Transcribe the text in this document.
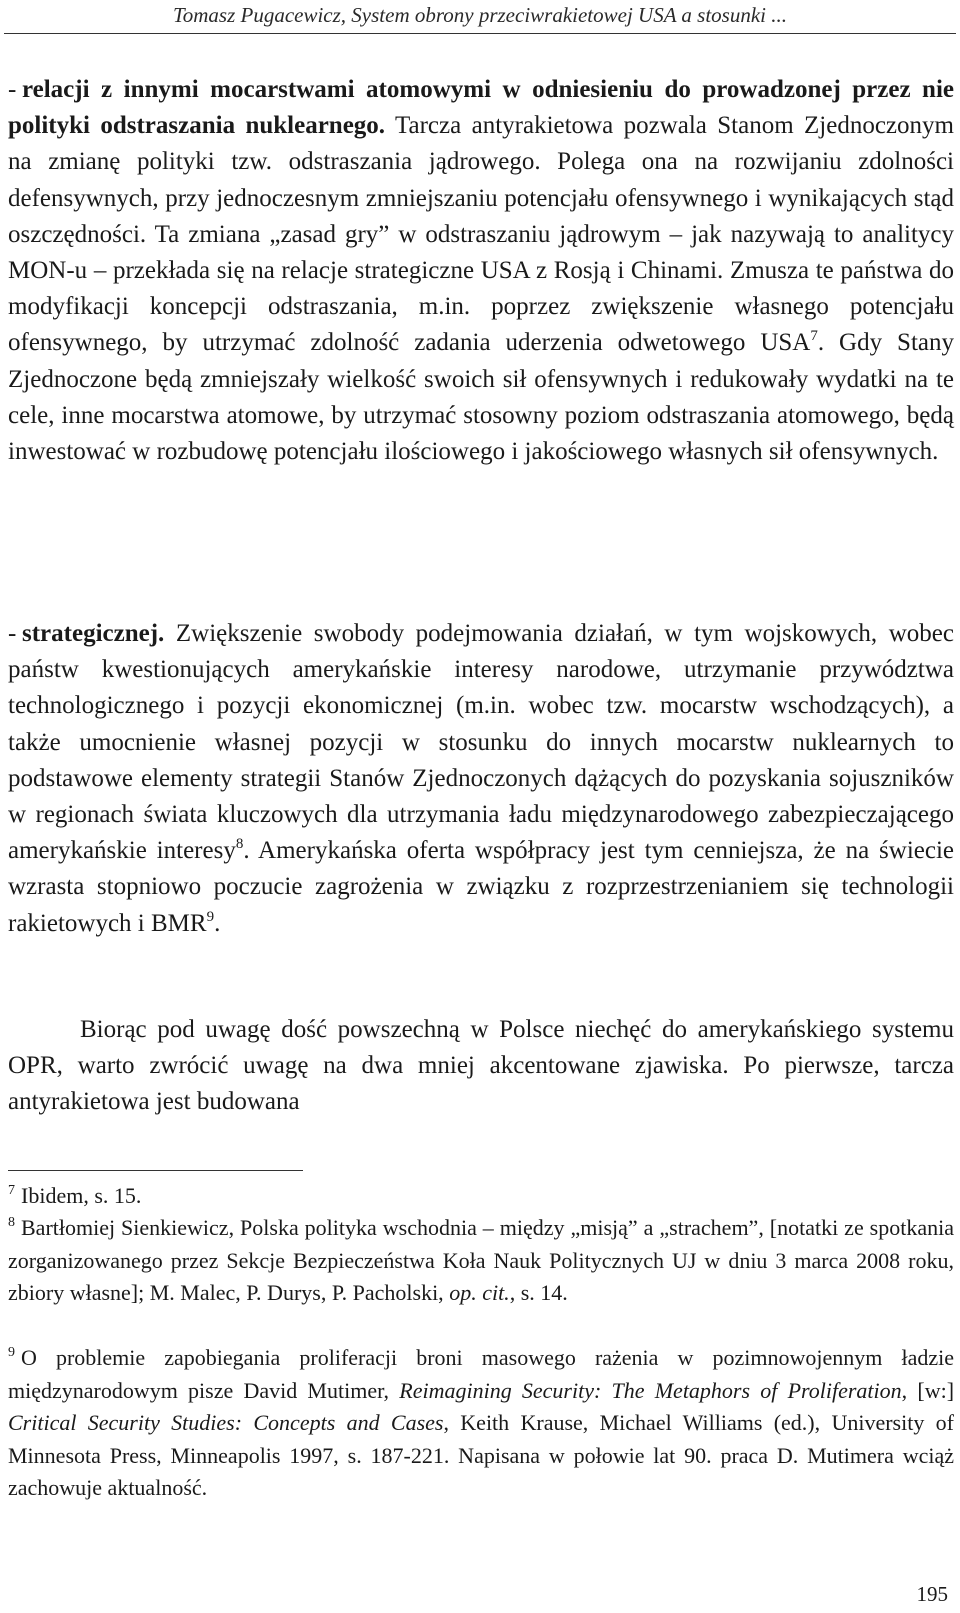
Tomasz Pugacewicz, System obrony przeciwrakietowej USA a stosunki ...

- relacji z innymi mocarstwami atomowymi w odniesieniu do prowadzonej przez nie polityki odstraszania nuklearnego. Tarcza antyrakietowa pozwala Stanom Zjednoczonym na zmianę polityki tzw. odstraszania jądrowego. Polega ona na rozwijaniu zdolności defensywnych, przy jednoczesnym zmniejszaniu potencjału ofensywnego i wynikających stąd oszczędności. Ta zmiana „zasad gry” w odstraszaniu jądrowym – jak nazywają to analitycy MON-u – przekłada się na relacje strategiczne USA z Rosją i Chinami. Zmusza te państwa do modyfikacji koncepcji odstraszania, m.in. poprzez zwiększenie własnego potencjału ofensywnego, by utrzymać zdolność zadania uderzenia odwetowego USA$^7$. Gdy Stany Zjednoczone będą zmniejszały wielkość swoich sił ofensywnych i redukowały wydatki na te cele, inne mocarstwa atomowe, by utrzymać stosowny poziom odstraszania atomowego, będą inwestować w rozbudowę potencjału ilościowego i jakościowego własnych sił ofensywnych.

- strategicznej. Zwiększenie swobody podejmowania działań, w tym wojskowych, wobec państw kwestionujących amerykańskie interesy narodowe, utrzymanie przywództwa technologicznego i pozycji ekonomicznej (m.in. wobec tzw. mocarstw wschodzących), a także umocnienie własnej pozycji w stosunku do innych mocarstw nuklearnych to podstawowe elementy strategii Stanów Zjednoczonych dążących do pozyskania sojuszników w regionach świata kluczowych dla utrzymania ładu międzynarodowego zabezpieczającego amerykańskie interesy$^8$. Amerykańska oferta współpracy jest tym cenniejsza, że na świecie wzrasta stopniowo poczucie zagrożenia w związku z rozprzestrzenianiem się technologii rakietowych i BMR$^9$.

Biorąc pod uwagę dość powszechną w Polsce niechęć do amerykańskiego systemu OPR, warto zwrócić uwagę na dwa mniej akcentowane zjawiska. Po pierwsze, tarcza antyrakietowa jest budowana

$^7$ Ibidem, s. 15.

$^8$ Bartłomiej Sienkiewicz, Polska polityka wschodnia – między „misją” a „strachem”, [notatki ze spotkania zorganizowanego przez Sekcje Bezpieczeństwa Koła Nauk Politycznych UJ w dniu 3 marca 2008 roku, zbiory własne]; M. Malec, P. Durys, P. Pacholski, op. cit., s. 14.

$^9$ O problemie zapobiegania proliferacji broni masowego rażenia w pozimnowojennym ładzie międzynarodowym pisze David Mutimer, Reimagining Security: The Metaphors of Proliferation, [w:] Critical Security Studies: Concepts and Cases, Keith Krause, Michael Williams (ed.), University of Minnesota Press, Minneapolis 1997, s. 187-221. Napisana w połowie lat 90. praca D. Mutimera wciąż zachowuje aktualność.

195
